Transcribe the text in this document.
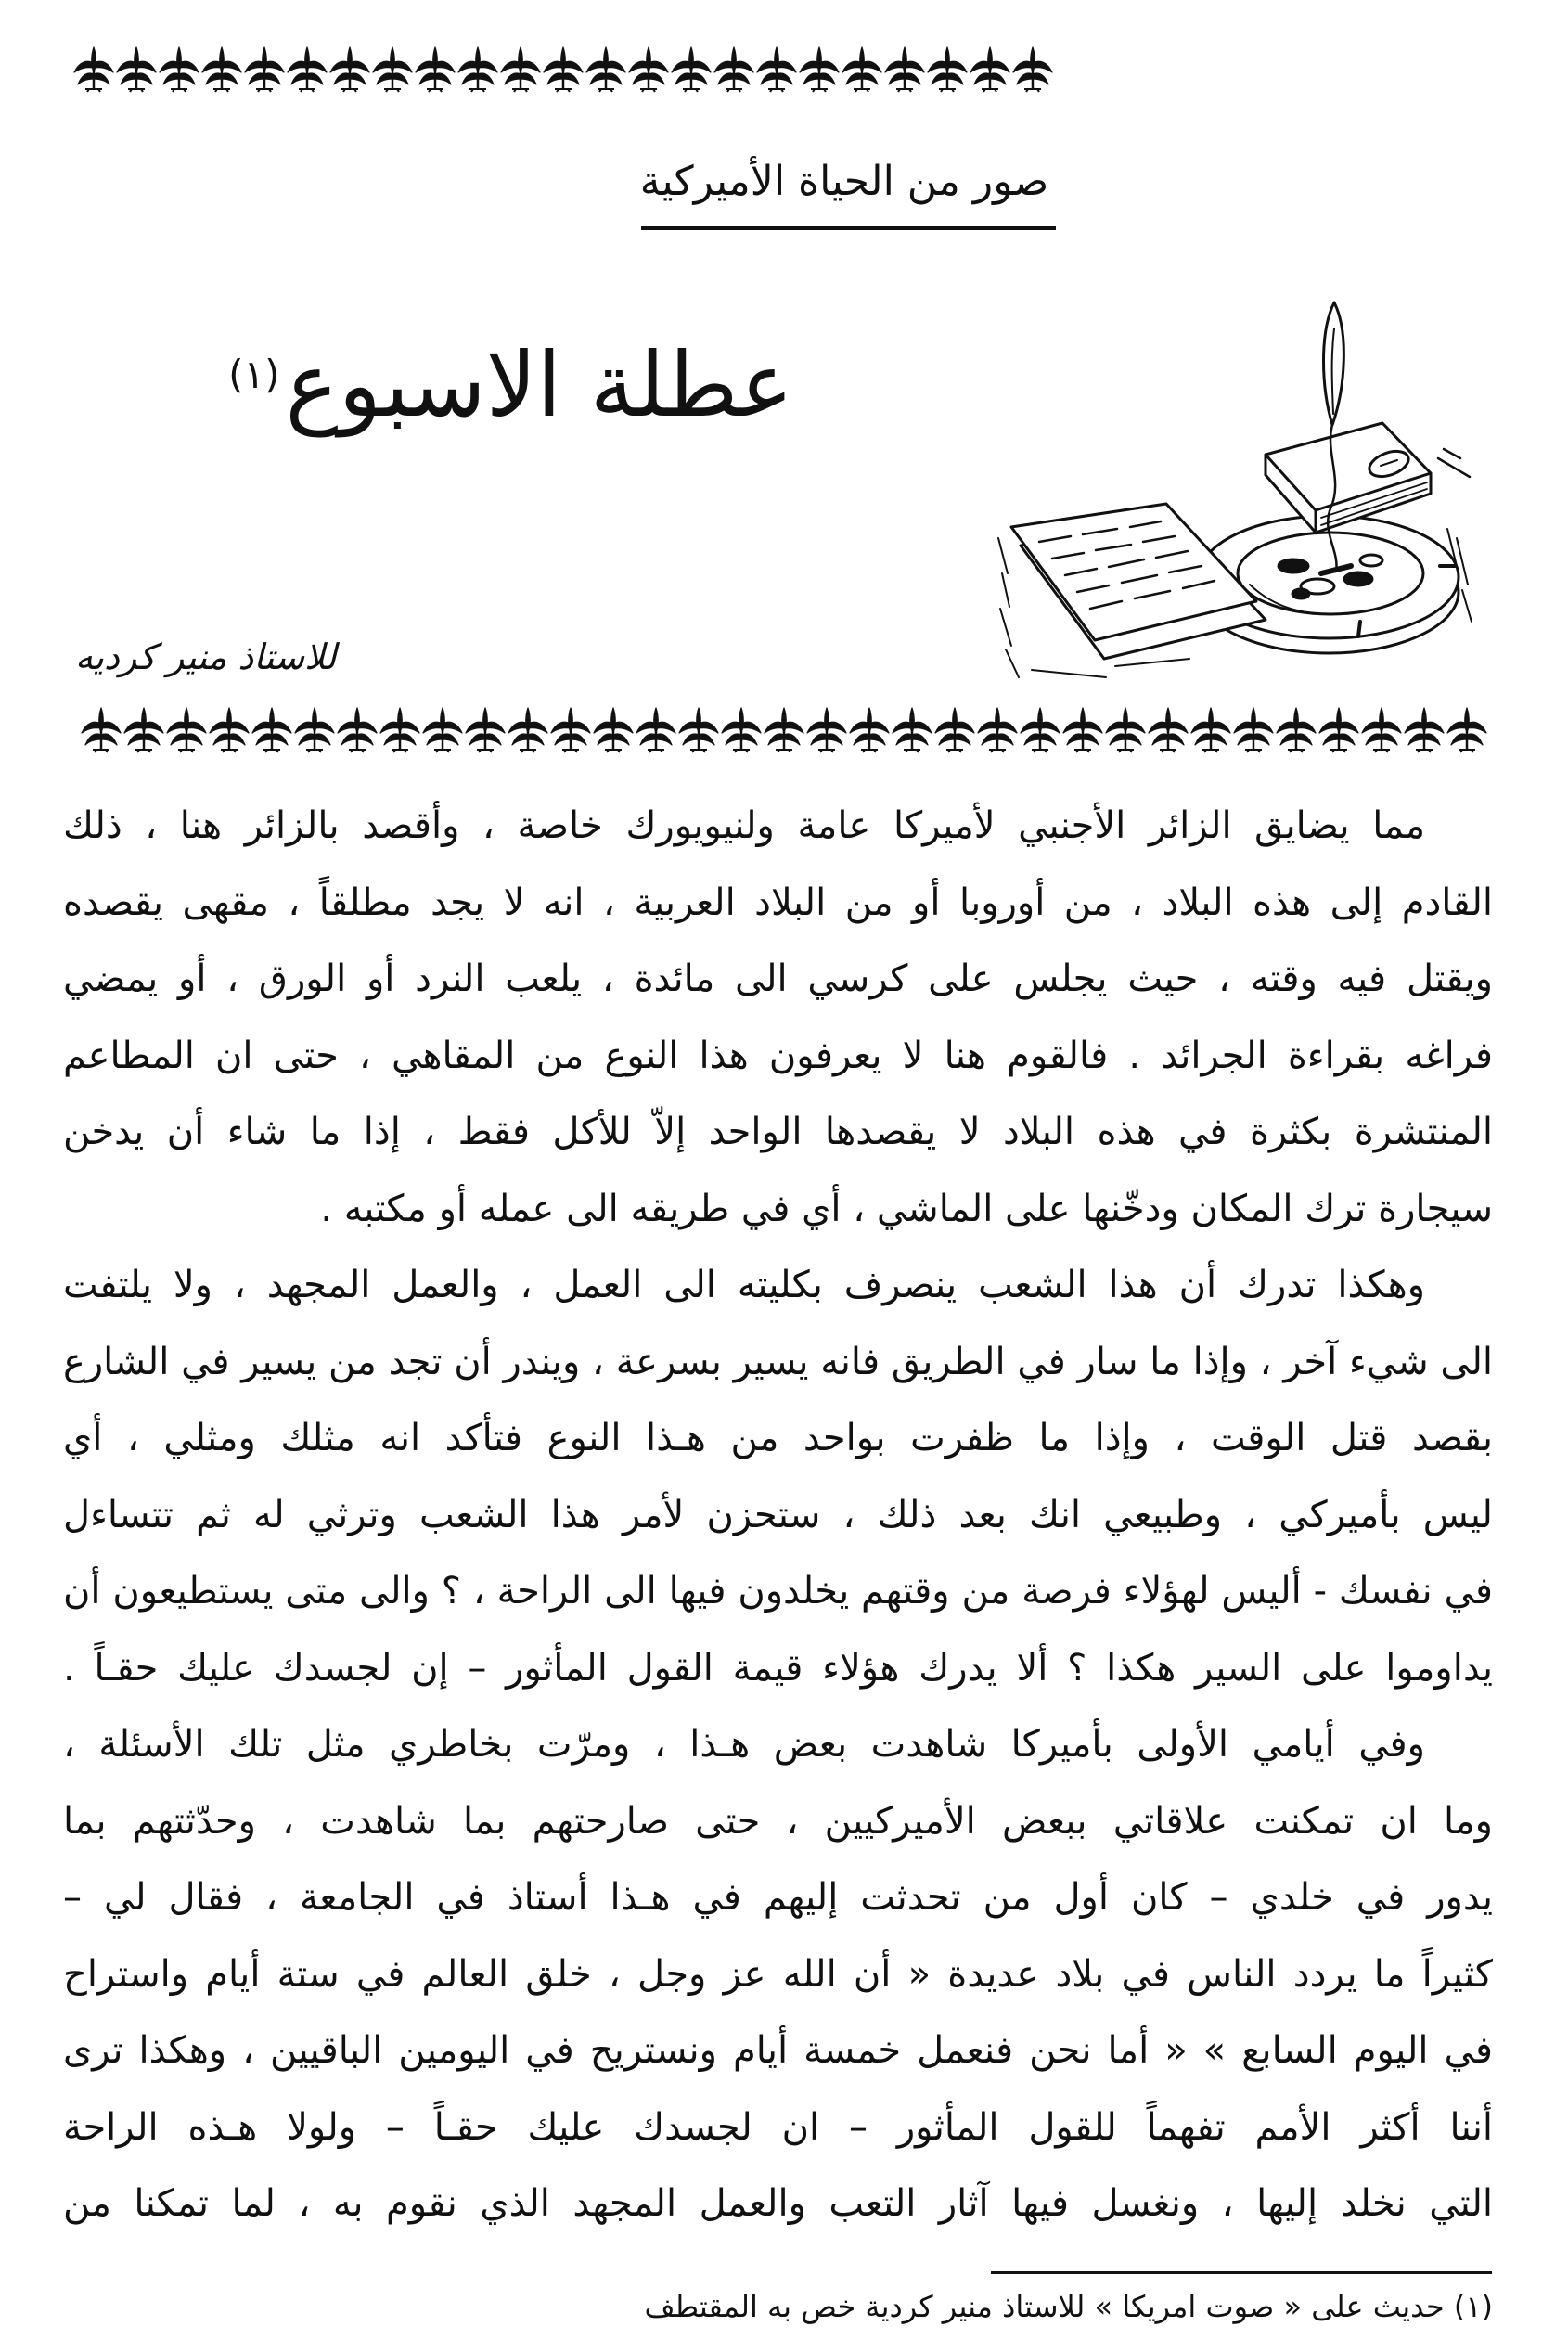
صور من الحياة الأميركية
عطلة الاسبوع(١)
للاستاذ منير كرديه
مما يضايق الزائر الأجنبي لأميركا عامة ولنيويورك خاصة ، وأقصد بالزائر هنا ، ذلك
القادم إلى هذه البلاد ، من أوروبا أو من البلاد العربية ، انه لا يجد مطلقاً ، مقهى يقصده
ويقتل فيه وقته ، حيث يجلس على كرسي الى مائدة ، يلعب النرد أو الورق ، أو يمضي
فراغه بقراءة الجرائد . فالقوم هنا لا يعرفون هذا النوع من المقاهي ، حتى ان المطاعم
المنتشرة بكثرة في هذه البلاد لا يقصدها الواحد إلاّ للأكل فقط ، إذا ما شاء أن يدخن
سيجارة ترك المكان ودخّنها على الماشي ، أي في طريقه الى عمله أو مكتبه .
وهكذا تدرك أن هذا الشعب ينصرف بكليته الى العمل ، والعمل المجهد ، ولا يلتفت
الى شيء آخر ، وإذا ما سار في الطريق فانه يسير بسرعة ، ويندر أن تجد من يسير في الشارع
بقصد قتل الوقت ، وإذا ما ظفرت بواحد من هـذا النوع فتأكد انه مثلك ومثلي ، أي
ليس بأميركي ، وطبيعي انك بعد ذلك ، ستحزن لأمر هذا الشعب وترثي له ثم تتساءل
في نفسك - أليس لهؤلاء فرصة من وقتهم يخلدون فيها الى الراحة ، ؟ والى متى يستطيعون أن
يداوموا على السير هكذا ؟ ألا يدرك هؤلاء قيمة القول المأثور – إن لجسدك عليك حقـاً .
وفي أيامي الأولى بأميركا شاهدت بعض هـذا ، ومرّت بخاطري مثل تلك الأسئلة ،
وما ان تمكنت علاقاتي ببعض الأميركيين ، حتى صارحتهم بما شاهدت ، وحدّثتهم بما
يدور في خلدي – كان أول من تحدثت إليهم في هـذا أستاذ في الجامعة ، فقال لي –
كثيراً ما يردد الناس في بلاد عديدة « أن الله عز وجل ، خلق العالم في ستة أيام واستراح
في اليوم السابع » « أما نحن فنعمل خمسة أيام ونستريح في اليومين الباقيين ، وهكذا ترى
أننا أكثر الأمم تفهماً للقول المأثور – ان لجسدك عليك حقـاً – ولولا هـذه الراحة
التي نخلد إليها ، ونغسل فيها آثار التعب والعمل المجهد الذي نقوم به ، لما تمكنا من
(١) حديث على « صوت امريكا » للاستاذ منير كردية خص به المقتطف
